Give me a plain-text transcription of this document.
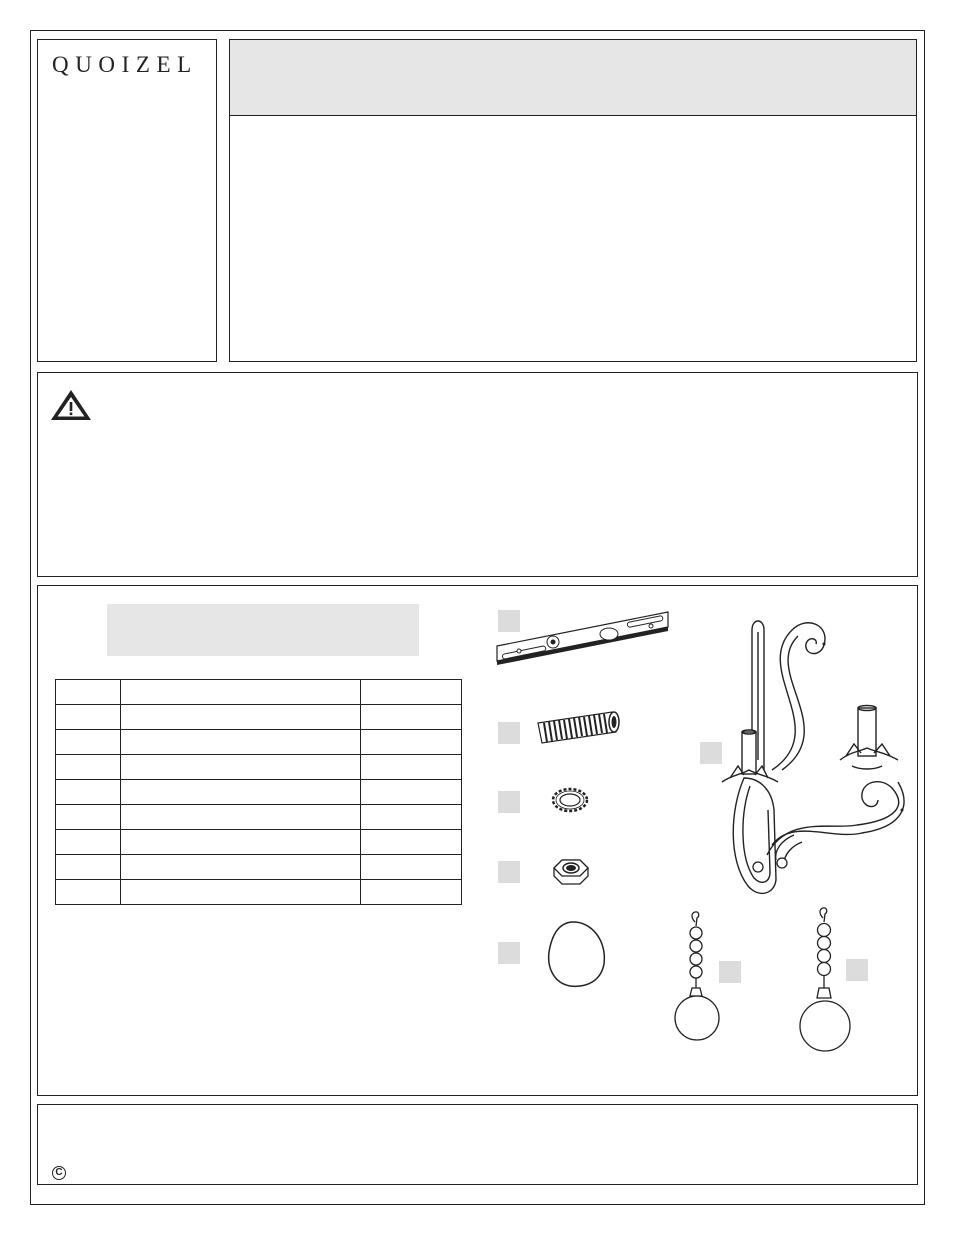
QUOIZEL

C
